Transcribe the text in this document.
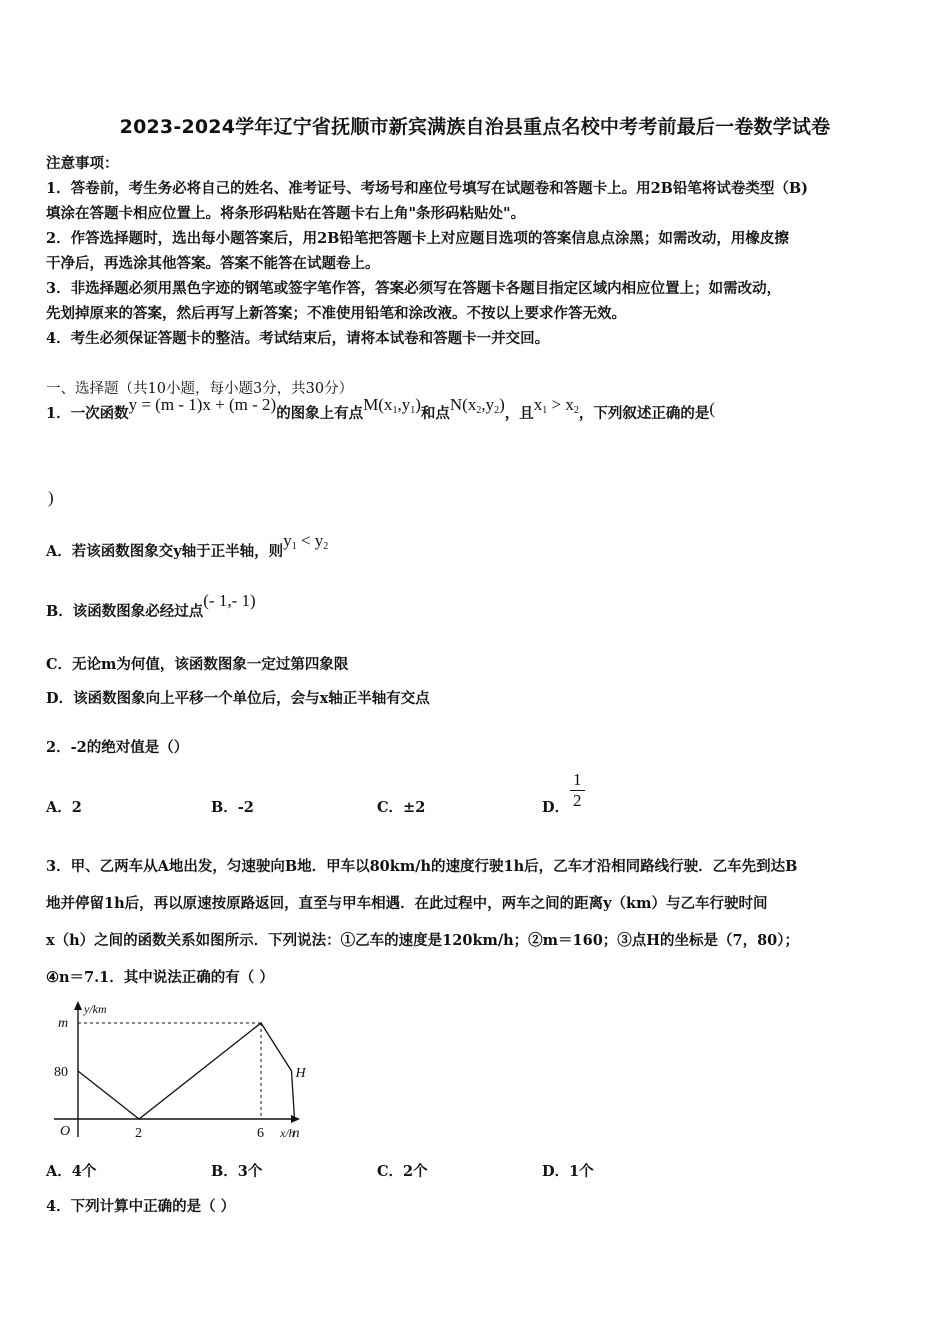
2023-2024学年辽宁省抚顺市新宾满族自治县重点名校中考考前最后一卷数学试卷
注意事项：
1．答卷前，考生务必将自己的姓名、准考证号、考场号和座位号填写在试题卷和答题卡上。用2B铅笔将试卷类型（B)
填涂在答题卡相应位置上。将条形码粘贴在答题卡右上角"条形码粘贴处"。
2．作答选择题时，选出每小题答案后，用2B铅笔把答题卡上对应题目选项的答案信息点涂黑；如需改动，用橡皮擦
干净后，再选涂其他答案。答案不能答在试题卷上。
3．非选择题必须用黑色字迹的钢笔或签字笔作答，答案必须写在答题卡各题目指定区域内相应位置上；如需改动，
先划掉原来的答案，然后再写上新答案；不准使用铅笔和涂改液。不按以上要求作答无效。
4．考生必须保证答题卡的整洁。考试结束后，请将本试卷和答题卡一并交回。
一、选择题（共10小题，每小题3分，共30分）
1．一次函数y = (m - 1)x + (m - 2)的图象上有点$M(x_1,y_1)$和点$N(x_2,y_2)$，且$x_1 > x_2$，下列叙述正确的是(
)
A．若该函数图象交y轴于正半轴，则$y_1 < y_2$
B．该函数图象必经过点(- 1,- 1)
C．无论m为何值，该函数图象一定过第四象限
D．该函数图象向上平移一个单位后，会与x轴正半轴有交点
2．-2的绝对值是（）
A．2	B．-2	C．±2	D． $\frac{1}{2}$
3．甲、乙两车从A地出发，匀速驶向B地．甲车以80km/h的速度行驶1h后，乙车才沿相同路线行驶．乙车先到达B
地并停留1h后，再以原速按原路返回，直至与甲车相遇．在此过程中，两车之间的距离y（km）与乙车行驶时间
x（h）之间的函数关系如图所示．下列说法：①乙车的速度是120km/h；②m＝160；③点H的坐标是（7，80）；
④n＝7.1．其中说法正确的有（ ）
80
m
2	6 n
O
y/km
x/h
H
A．4个	B．3个	C．2个	D．1个
4．下列计算中正确的是（ ）
